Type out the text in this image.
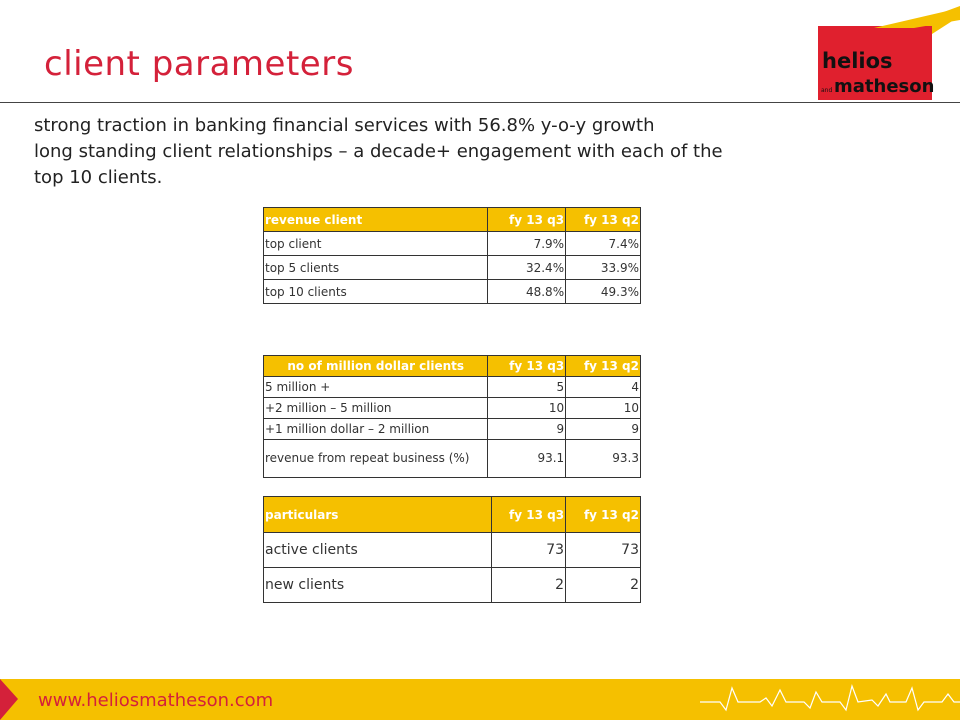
client parameters	helios
and matheson
strong traction in banking financial services with 56.8% y-o-y growth
long standing client relationships – a decade+ engagement with each of the
top 10 clients.
revenue client	fy 13 q3	fy 13 q2
top client	7.9%	7.4%
top 5 clients	32.4%	33.9%
top 10 clients	48.8%	49.3%
no of million dollar clients	fy 13 q3	fy 13 q2
5 million +	5	4
+2 million – 5 million	10	10
+1 million dollar – 2 million	9	9
revenue from repeat business (%)	93.1	93.3
particulars	fy 13 q3	fy 13 q2
active clients	73	73
new clients	2	2
www.heliosmatheson.com
